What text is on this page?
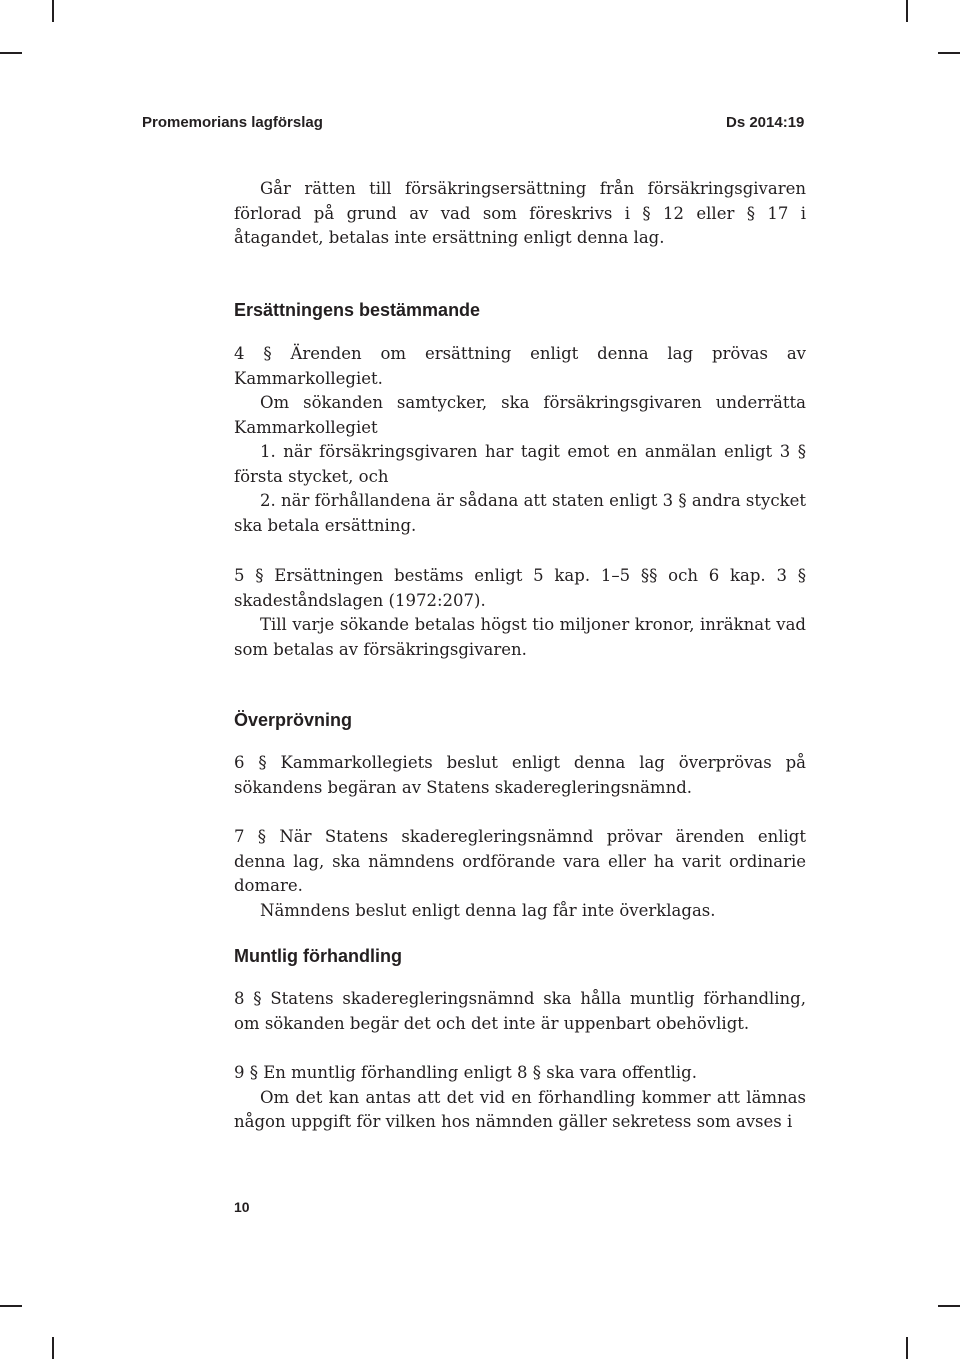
Promemorians lagförslag	Ds 2014:19

Går rätten till försäkringsersättning från försäkringsgivaren förlorad på grund av vad som föreskrivs i § 12 eller § 17 i åtagandet, betalas inte ersättning enligt denna lag.

Ersättningens bestämmande

4 § Ärenden om ersättning enligt denna lag prövas av Kammarkollegiet.

Om sökanden samtycker, ska försäkringsgivaren underrätta Kammarkollegiet

1. när försäkringsgivaren har tagit emot en anmälan enligt 3 § första stycket, och

2. när förhållandena är sådana att staten enligt 3 § andra stycket ska betala ersättning.

5 § Ersättningen bestäms enligt 5 kap. 1–5 §§ och 6 kap. 3 § skadeståndslagen (1972:207).

Till varje sökande betalas högst tio miljoner kronor, inräknat vad som betalas av försäkringsgivaren.

Överprövning

6 § Kammarkollegiets beslut enligt denna lag överprövas på sökandens begäran av Statens skaderegleringsnämnd.

7 § När Statens skaderegleringsnämnd prövar ärenden enligt denna lag, ska nämndens ordförande vara eller ha varit ordinarie domare.

Nämndens beslut enligt denna lag får inte överklagas.

Muntlig förhandling

8 § Statens skaderegleringsnämnd ska hålla muntlig förhandling, om sökanden begär det och det inte är uppenbart obehövligt.

9 § En muntlig förhandling enligt 8 § ska vara offentlig.

Om det kan antas att det vid en förhandling kommer att lämnas någon uppgift för vilken hos nämnden gäller sekretess som avses i

10
